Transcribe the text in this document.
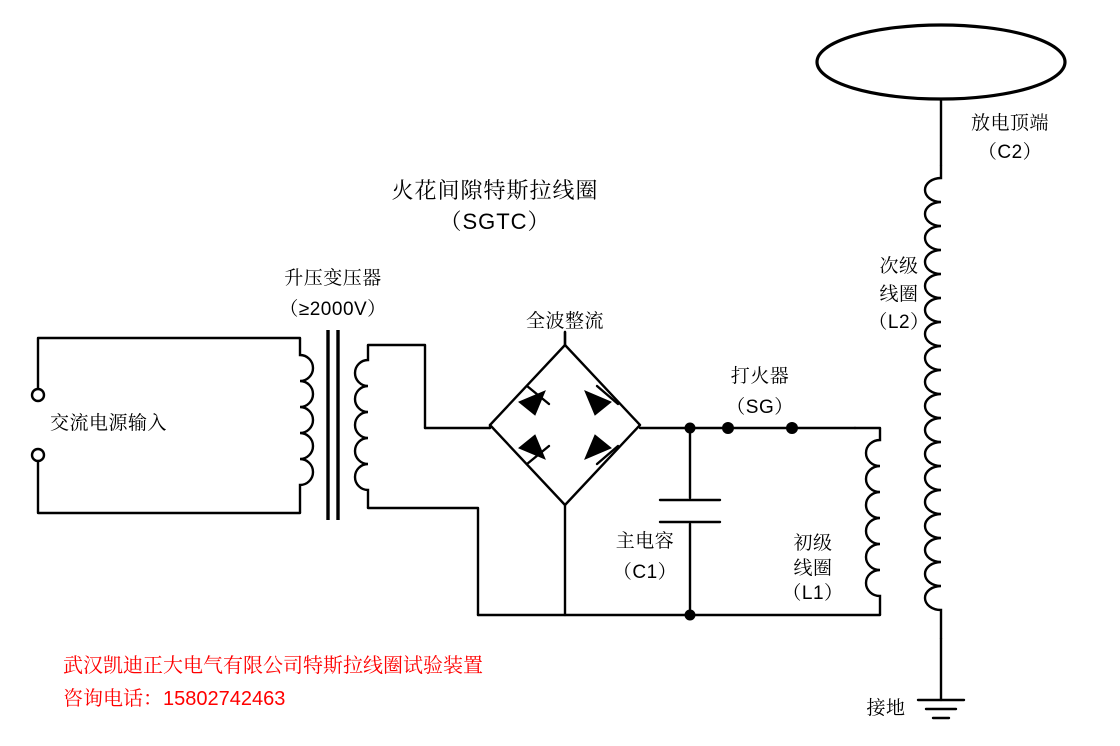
火花间隙特斯拉线圈
（SGTC）
交流电源输入
升压变压器
（≥2000V）
全波整流
打火器
（SG）
主电容
（C1）
初级
线圈
（L1）
次级
线圈
（L2）
放电顶端
（C2）
接地
武汉凯迪正大电气有限公司特斯拉线圈试验装置
咨询电话：15802742463
